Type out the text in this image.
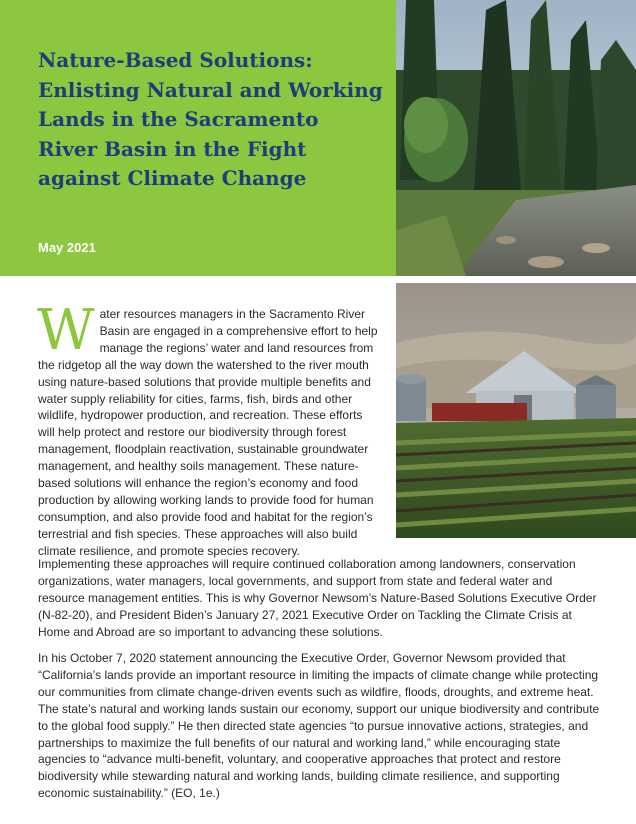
Nature-Based Solutions: Enlisting Natural and Working Lands in the Sacramento River Basin in the Fight against Climate Change

May 2021

Water resources managers in the Sacramento River Basin are engaged in a comprehensive effort to help manage the regions’ water and land resources from the ridgetop all the way down the watershed to the river mouth using nature-based solutions that provide multiple benefits and water supply reliability for cities, farms, fish, birds and other wildlife, hydropower production, and recreation. These efforts will help protect and restore our biodiversity through forest management, floodplain reactivation, sustainable groundwater management, and healthy soils management. These nature-based solutions will enhance the region’s economy and food production by allowing working lands to provide food for human consumption, and also provide food and habitat for the region’s terrestrial and fish species. These approaches will also build climate resilience, and promote species recovery.

Implementing these approaches will require continued collaboration among landowners, conservation organizations, water managers, local governments, and support from state and federal water and resource management entities. This is why Governor Newsom’s Nature-Based Solutions Executive Order (N-82-20), and President Biden’s January 27, 2021 Executive Order on Tackling the Climate Crisis at Home and Abroad are so important to advancing these solutions.

In his October 7, 2020 statement announcing the Executive Order, Governor Newsom provided that “California’s lands provide an important resource in limiting the impacts of climate change while protecting our communities from climate change-driven events such as wildfire, floods, droughts, and extreme heat. The state’s natural and working lands sustain our economy, support our unique biodiversity and contribute to the global food supply.” He then directed state agencies “to pursue innovative actions, strategies, and partnerships to maximize the full benefits of our natural and working land,” while encouraging state agencies to “advance multi-benefit, voluntary, and cooperative approaches that protect and restore biodiversity while stewarding natural and working lands, building climate resilience, and supporting economic sustainability.” (EO, 1e.)
